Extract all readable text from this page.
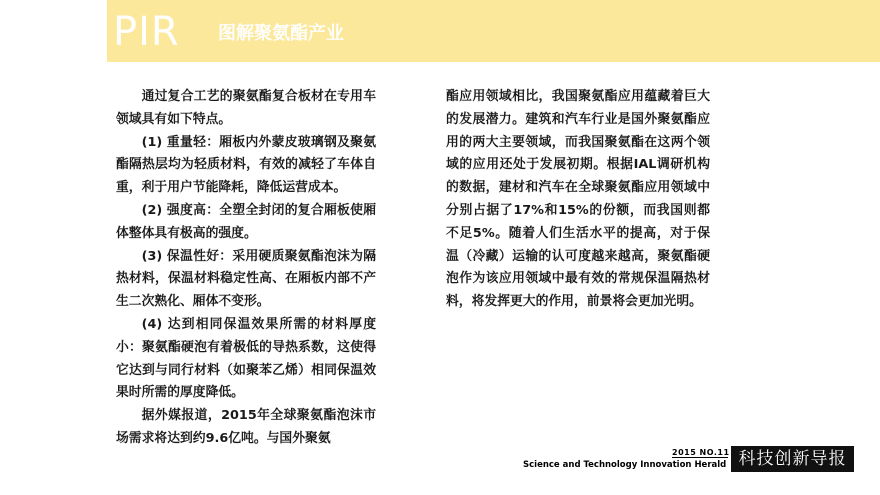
PIR 图解聚氨酯产业

通过复合工艺的聚氨酯复合板材在专用车领域具有如下特点。

(1) 重量轻：厢板内外蒙皮玻璃钢及聚氨酯隔热层均为轻质材料，有效的减轻了车体自重，利于用户节能降耗，降低运营成本。

(2) 强度高：全塑全封闭的复合厢板使厢体整体具有极高的强度。

(3) 保温性好：采用硬质聚氨酯泡沫为隔热材料，保温材料稳定性高、在厢板内部不产生二次熟化、厢体不变形。

(4) 达到相同保温效果所需的材料厚度小：聚氨酯硬泡有着极低的导热系数，这使得它达到与同行材料（如聚苯乙烯）相同保温效果时所需的厚度降低。

据外媒报道，2015年全球聚氨酯泡沫市场需求将达到约9.6亿吨。与国外聚氨

酯应用领域相比，我国聚氨酯应用蕴藏着巨大的发展潜力。建筑和汽车行业是国外聚氨酯应用的两大主要领域，而我国聚氨酯在这两个领域的应用还处于发展初期。根据IAL调研机构的数据，建材和汽车在全球聚氨酯应用领域中分别占据了17%和15%的份额，而我国则都不足5%。随着人们生活水平的提高，对于保温（冷藏）运输的认可度越来越高，聚氨酯硬泡作为该应用领域中最有效的常规保温隔热材料，将发挥更大的作用，前景将会更加光明。

2015 NO.11
Science and Technology Innovation Herald 科技创新导报
